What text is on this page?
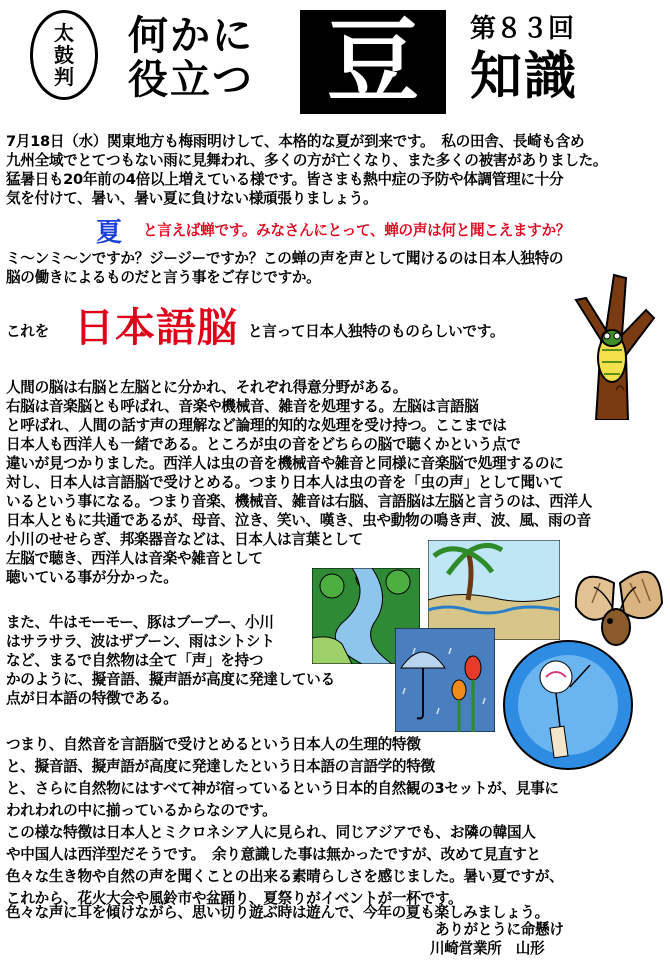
太
鼓
判
何かに
役立つ 豆 第８３回
知識
7月18日（水）関東地方も梅雨明けして、本格的な夏が到来です。　私の田舎、長崎も含め
九州全域でとてつもない雨に見舞われ、多くの方が亡くなり、また多くの被害がありました。
猛暑日も20年前の4倍以上増えている様です。皆さまも熱中症の予防や体調管理に十分
気を付けて、暑い、暑い夏に負けない様頑張りましょう。
夏 と言えば蝉です。みなさんにとって、蝉の声は何と聞こえますか？
ミ～ンミ～ンですか？ジージーですか？この蝉の声を声として聞けるのは日本人独特の
脳の働きによるものだと言う事をご存じですか。
これを 日本語脳 と言って日本人独特のものらしいです。
人間の脳は右脳と左脳とに分かれ、それぞれ得意分野がある。
右脳は音楽脳とも呼ばれ、音楽や機械音、雑音を処理する。左脳は言語脳
と呼ばれ、人間の話す声の理解など論理的知的な処理を受け持つ。ここまでは
日本人も西洋人も一緒である。ところが虫の音をどちらの脳で聴くかという点で
違いが見つかりました。西洋人は虫の音を機械音や雑音と同様に音楽脳で処理するのに
対し、日本人は言語脳で受けとめる。つまり日本人は虫の音を「虫の声」として聞いて
いるという事になる。つまり音楽、機械音、雑音は右脳、言語脳は左脳と言うのは、西洋人
日本人ともに共通であるが、母音、泣き、笑い、嘆き、虫や動物の鳴き声、波、風、雨の音
小川のせせらぎ、邦楽器音などは、日本人は言葉として
左脳で聴き、西洋人は音楽や雑音として
聴いている事が分かった。
また、牛はモーモー、豚はブーブー、小川
はサラサラ、波はザブーン、雨はシトシト
など、まるで自然物は全て「声」を持つ
かのように、擬音語、擬声語が高度に発達している
点が日本語の特徴である。
つまり、自然音を言語脳で受けとめるという日本人の生理的特徴
と、擬音語、擬声語が高度に発達したという日本語の言語学的特徴
と、さらに自然物にはすべて神が宿っているという日本的自然観の3セットが、見事に
われわれの中に揃っているからなのです。
この様な特徴は日本人とミクロネシア人に見られ、同じアジアでも、お隣の韓国人
や中国人は西洋型だそうです。　余り意識した事は無かったですが、改めて見直すと
色々な生き物や自然の声を聞くことの出来る素晴らしさを感じました。暑い夏ですが、
これから、花火大会や風鈴市や盆踊り、夏祭りがイベントが一杯です。
色々な声に耳を傾けながら、思い切り遊ぶ時は遊んで、今年の夏も楽しみましょう。
ありがとうに命懸け
川崎営業所　山形
